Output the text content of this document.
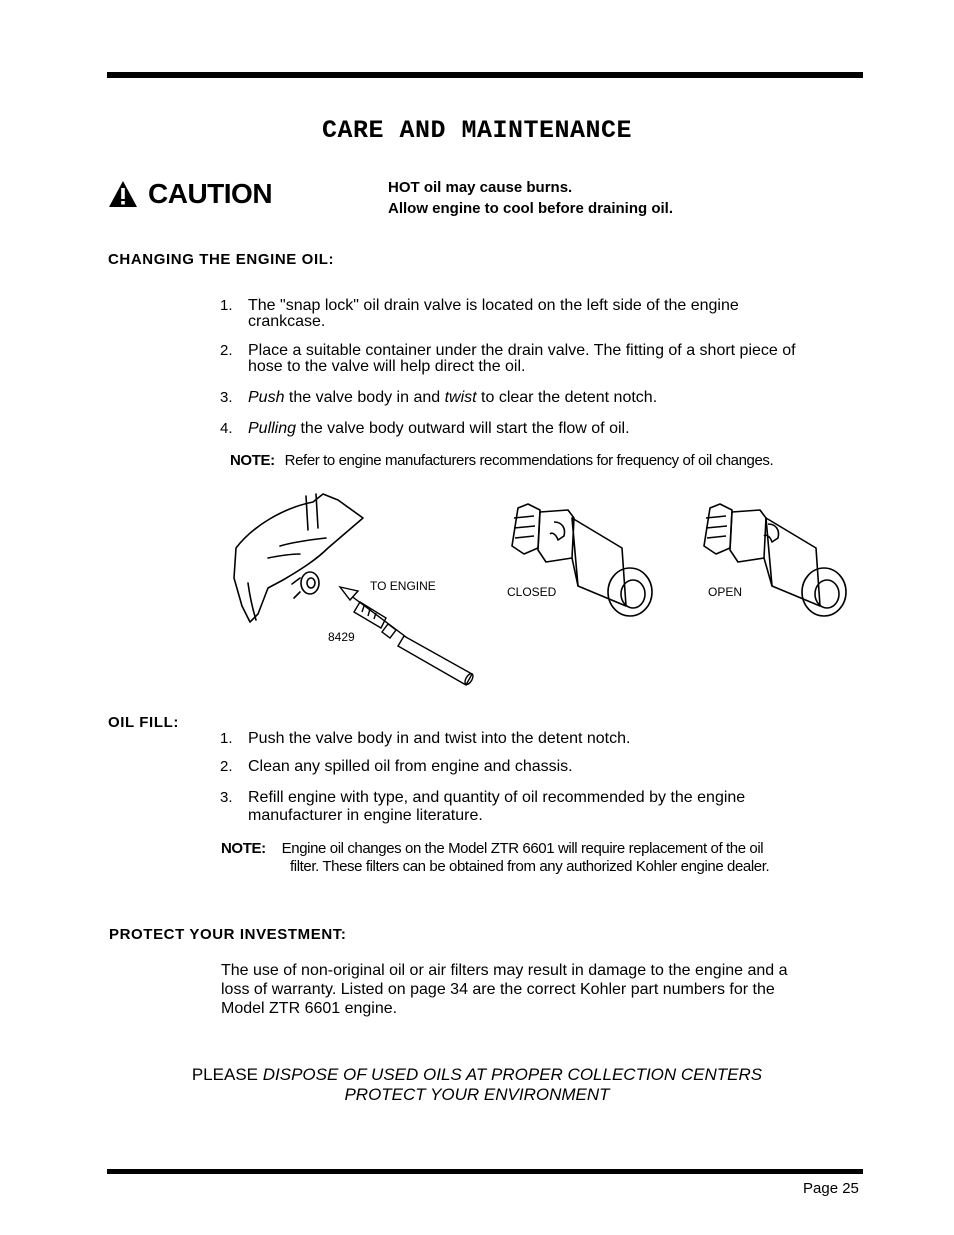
CARE AND MAINTENANCE
CAUTION	HOT oil may cause burns.
Allow engine to cool before draining oil.
CHANGING THE ENGINE OIL:
1. The "snap lock" oil drain valve is located on the left side of the engine
crankcase.
2. Place a suitable container under the drain valve. The fitting of a short piece of
hose to the valve will help direct the oil.
3. Push the valve body in and twist to clear the detent notch.
4. Pulling the valve body outward will start the flow of oil.
NOTE: Refer to engine manufacturers recommendations for frequency of oil changes.
TO ENGINE
8429
CLOSED	OPEN
OIL FILL:
1. Push the valve body in and twist into the detent notch.
2. Clean any spilled oil from engine and chassis.
3. Refill engine with type, and quantity of oil recommended by the engine
manufacturer in engine literature.
NOTE: Engine oil changes on the Model ZTR 6601 will require replacement of the oil
filter. These filters can be obtained from any authorized Kohler engine dealer.
PROTECT YOUR INVESTMENT:
The use of non-original oil or air filters may result in damage to the engine and a
loss of warranty. Listed on page 34 are the correct Kohler part numbers for the
Model ZTR 6601 engine.
PLEASE DISPOSE OF USED OILS AT PROPER COLLECTION CENTERS
PROTECT YOUR ENVIRONMENT
Page 25
